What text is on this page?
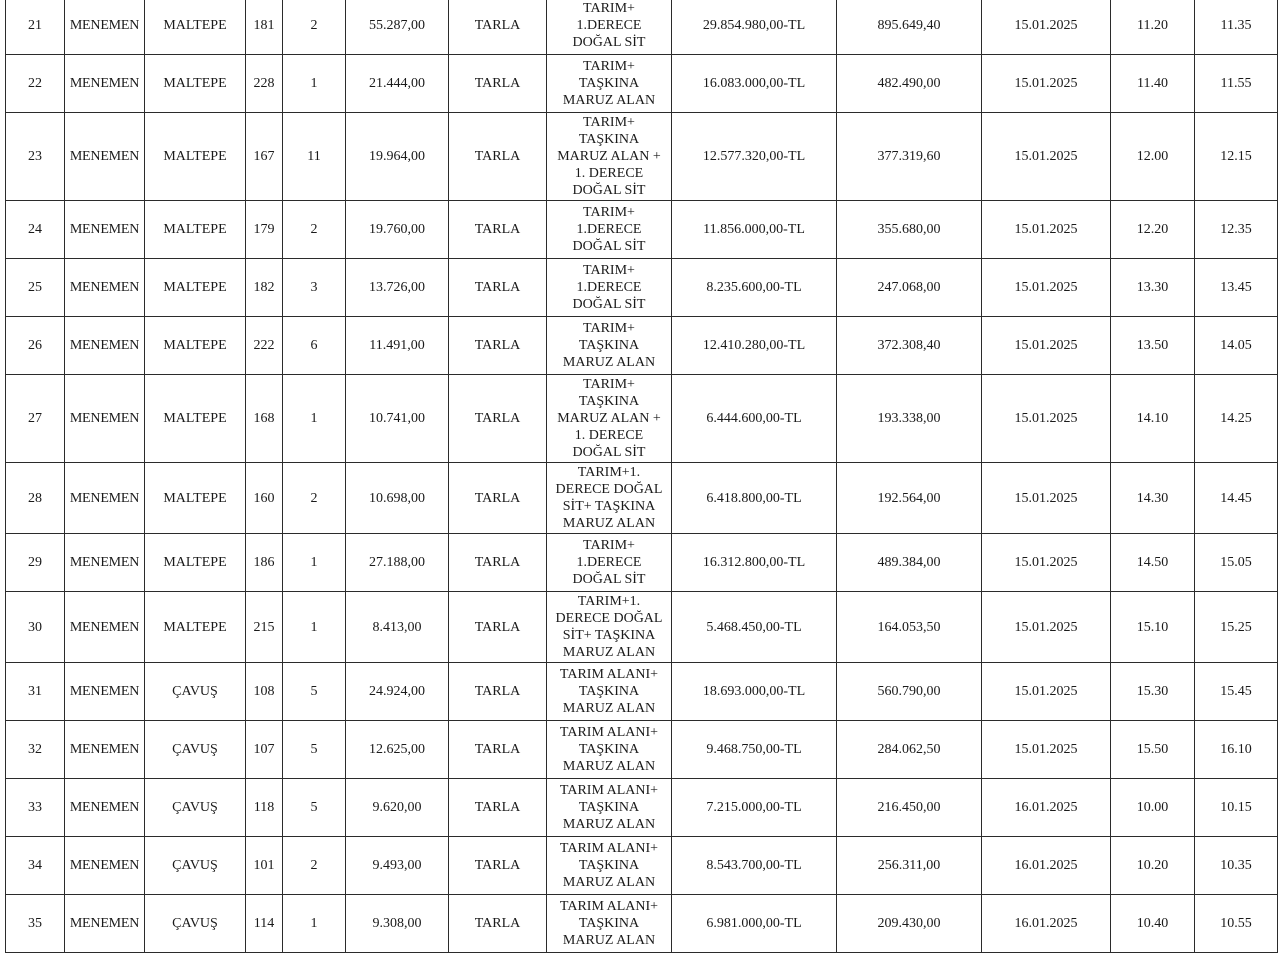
21	MENEMEN	MALTEPE	181	2	55.287,00	TARLA	TARIM+
1.DERECE
DOĞAL SİT	29.854.980,00-TL	895.649,40	15.01.2025	11.20	11.35
22	MENEMEN	MALTEPE	228	1	21.444,00	TARLA	TARIM+
TAŞKINA
MARUZ ALAN	16.083.000,00-TL	482.490,00	15.01.2025	11.40	11.55
23	MENEMEN	MALTEPE	167	11	19.964,00	TARLA	TARIM+
TAŞKINA
MARUZ ALAN +
1. DERECE
DOĞAL SİT	12.577.320,00-TL	377.319,60	15.01.2025	12.00	12.15
24	MENEMEN	MALTEPE	179	2	19.760,00	TARLA	TARIM+
1.DERECE
DOĞAL SİT	11.856.000,00-TL	355.680,00	15.01.2025	12.20	12.35
25	MENEMEN	MALTEPE	182	3	13.726,00	TARLA	TARIM+
1.DERECE
DOĞAL SİT	8.235.600,00-TL	247.068,00	15.01.2025	13.30	13.45
26	MENEMEN	MALTEPE	222	6	11.491,00	TARLA	TARIM+
TAŞKINA
MARUZ ALAN	12.410.280,00-TL	372.308,40	15.01.2025	13.50	14.05
27	MENEMEN	MALTEPE	168	1	10.741,00	TARLA	TARIM+
TAŞKINA
MARUZ ALAN +
1. DERECE
DOĞAL SİT	6.444.600,00-TL	193.338,00	15.01.2025	14.10	14.25
28	MENEMEN	MALTEPE	160	2	10.698,00	TARLA	TARIM+1.
DERECE DOĞAL
SİT+ TAŞKINA
MARUZ ALAN	6.418.800,00-TL	192.564,00	15.01.2025	14.30	14.45
29	MENEMEN	MALTEPE	186	1	27.188,00	TARLA	TARIM+
1.DERECE
DOĞAL SİT	16.312.800,00-TL	489.384,00	15.01.2025	14.50	15.05
30	MENEMEN	MALTEPE	215	1	8.413,00	TARLA	TARIM+1.
DERECE DOĞAL
SİT+ TAŞKINA
MARUZ ALAN	5.468.450,00-TL	164.053,50	15.01.2025	15.10	15.25
31	MENEMEN	ÇAVUŞ	108	5	24.924,00	TARLA	TARIM ALANI+
TAŞKINA
MARUZ ALAN	18.693.000,00-TL	560.790,00	15.01.2025	15.30	15.45
32	MENEMEN	ÇAVUŞ	107	5	12.625,00	TARLA	TARIM ALANI+
TAŞKINA
MARUZ ALAN	9.468.750,00-TL	284.062,50	15.01.2025	15.50	16.10
33	MENEMEN	ÇAVUŞ	118	5	9.620,00	TARLA	TARIM ALANI+
TAŞKINA
MARUZ ALAN	7.215.000,00-TL	216.450,00	16.01.2025	10.00	10.15
34	MENEMEN	ÇAVUŞ	101	2	9.493,00	TARLA	TARIM ALANI+
TAŞKINA
MARUZ ALAN	8.543.700,00-TL	256.311,00	16.01.2025	10.20	10.35
35	MENEMEN	ÇAVUŞ	114	1	9.308,00	TARLA	TARIM ALANI+
TAŞKINA
MARUZ ALAN	6.981.000,00-TL	209.430,00	16.01.2025	10.40	10.55
